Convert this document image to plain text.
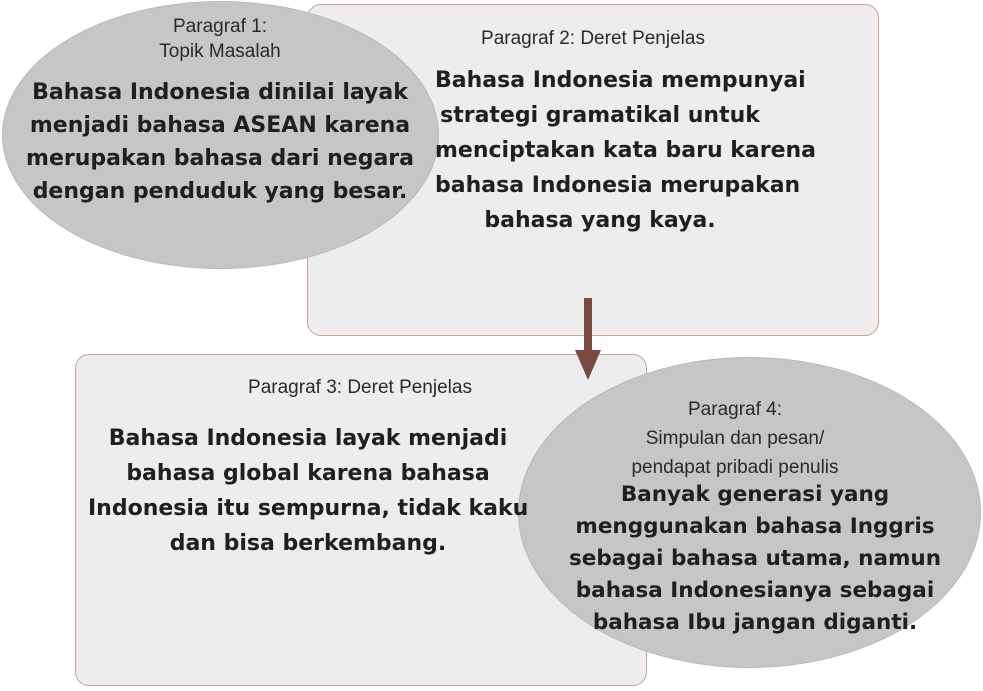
Paragraf 1:
Topik Masalah
Bahasa Indonesia dinilai layak
menjadi bahasa ASEAN karena
merupakan bahasa dari negara
dengan penduduk yang besar.
Paragraf 2: Deret Penjelas
Bahasa Indonesia mempunyai
strategi gramatikal untuk
menciptakan kata baru karena
bahasa Indonesia merupakan
bahasa yang kaya.
Paragraf 3: Deret Penjelas
Bahasa Indonesia layak menjadi
bahasa global karena bahasa
Indonesia itu sempurna, tidak kaku
dan bisa berkembang.
Paragraf 4:
Simpulan dan pesan/
pendapat pribadi penulis
Banyak generasi yang
menggunakan bahasa Inggris
sebagai bahasa utama, namun
bahasa Indonesianya sebagai
bahasa Ibu jangan diganti.
